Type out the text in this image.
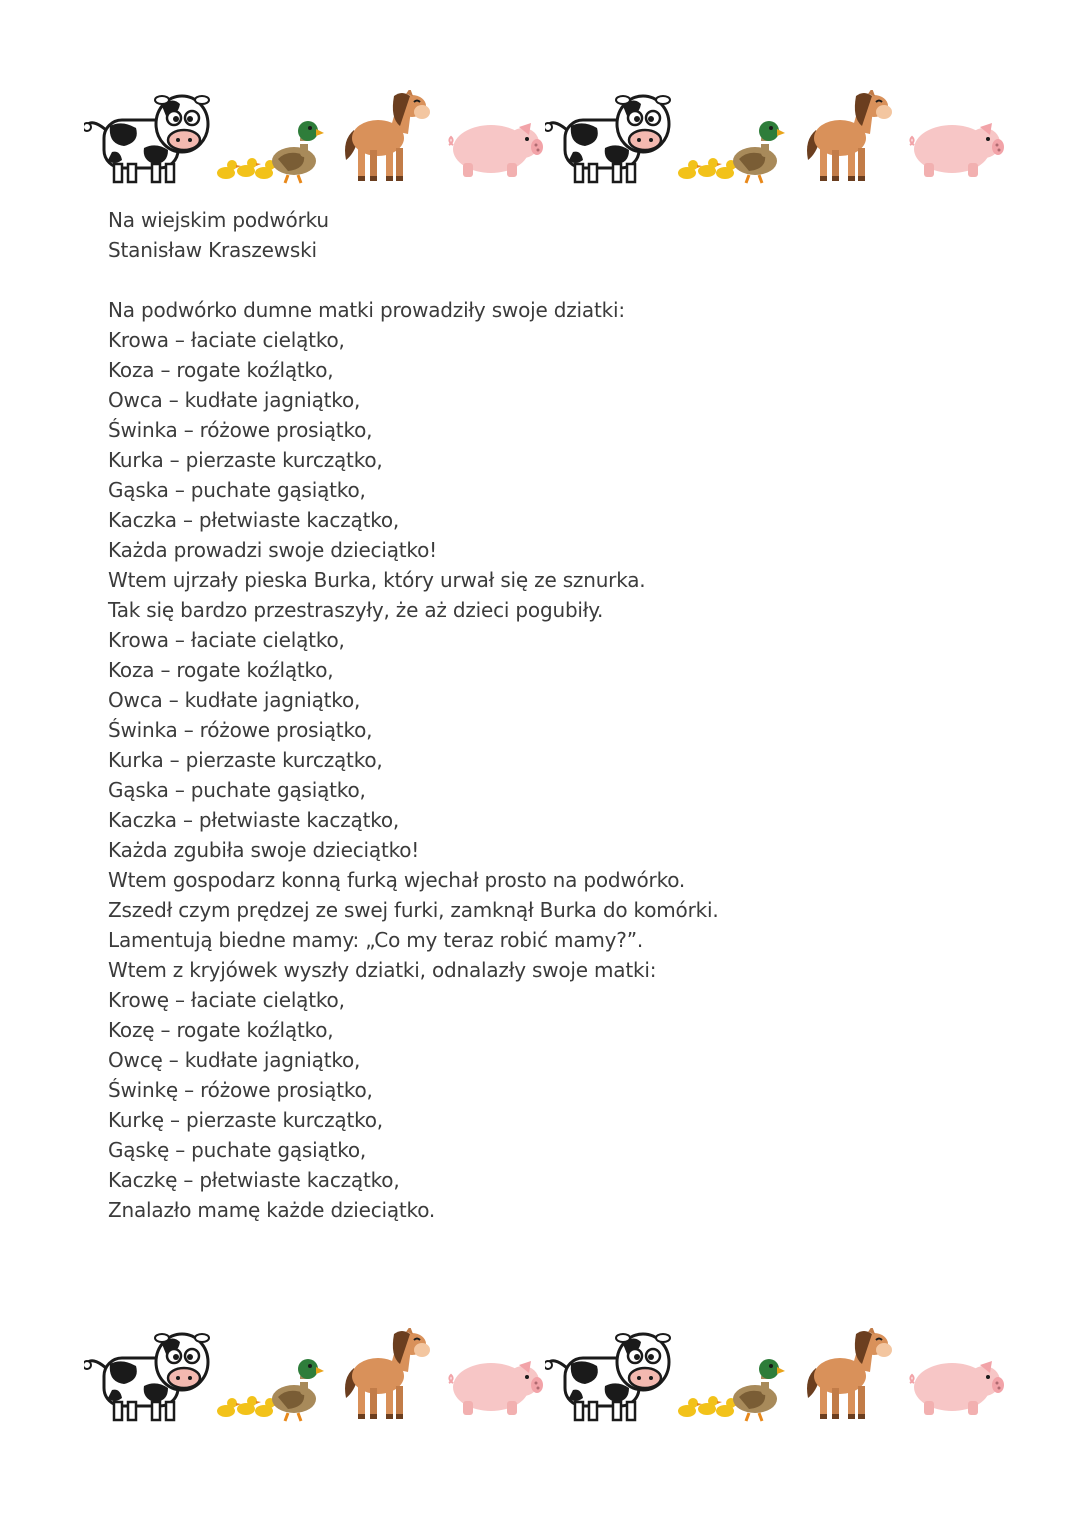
Na wiejskim podwórku
Stanisław Kraszewski
Na podwórko dumne matki prowadziły swoje dziatki:
Krowa – łaciate cielątko,
Koza – rogate koźlątko,
Owca – kudłate jagniątko,
Świnka – różowe prosiątko,
Kurka – pierzaste kurczątko,
Gąska – puchate gąsiątko,
Kaczka – płetwiaste kaczątko,
Każda prowadzi swoje dzieciątko!
Wtem ujrzały pieska Burka, który urwał się ze sznurka.
Tak się bardzo przestraszyły, że aż dzieci pogubiły.
Krowa – łaciate cielątko,
Koza – rogate koźlątko,
Owca – kudłate jagniątko,
Świnka – różowe prosiątko,
Kurka – pierzaste kurczątko,
Gąska – puchate gąsiątko,
Kaczka – płetwiaste kaczątko,
Każda zgubiła swoje dzieciątko!
Wtem gospodarz konną furką wjechał prosto na podwórko.
Zszedł czym prędzej ze swej furki, zamknął Burka do komórki.
Lamentują biedne mamy: „Co my teraz robić mamy?”.
Wtem z kryjówek wyszły dziatki, odnalazły swoje matki:
Krowę – łaciate cielątko,
Kozę – rogate koźlątko,
Owcę – kudłate jagniątko,
Świnkę – różowe prosiątko,
Kurkę – pierzaste kurczątko,
Gąskę – puchate gąsiątko,
Kaczkę – płetwiaste kaczątko,
Znalazło mamę każde dzieciątko.
